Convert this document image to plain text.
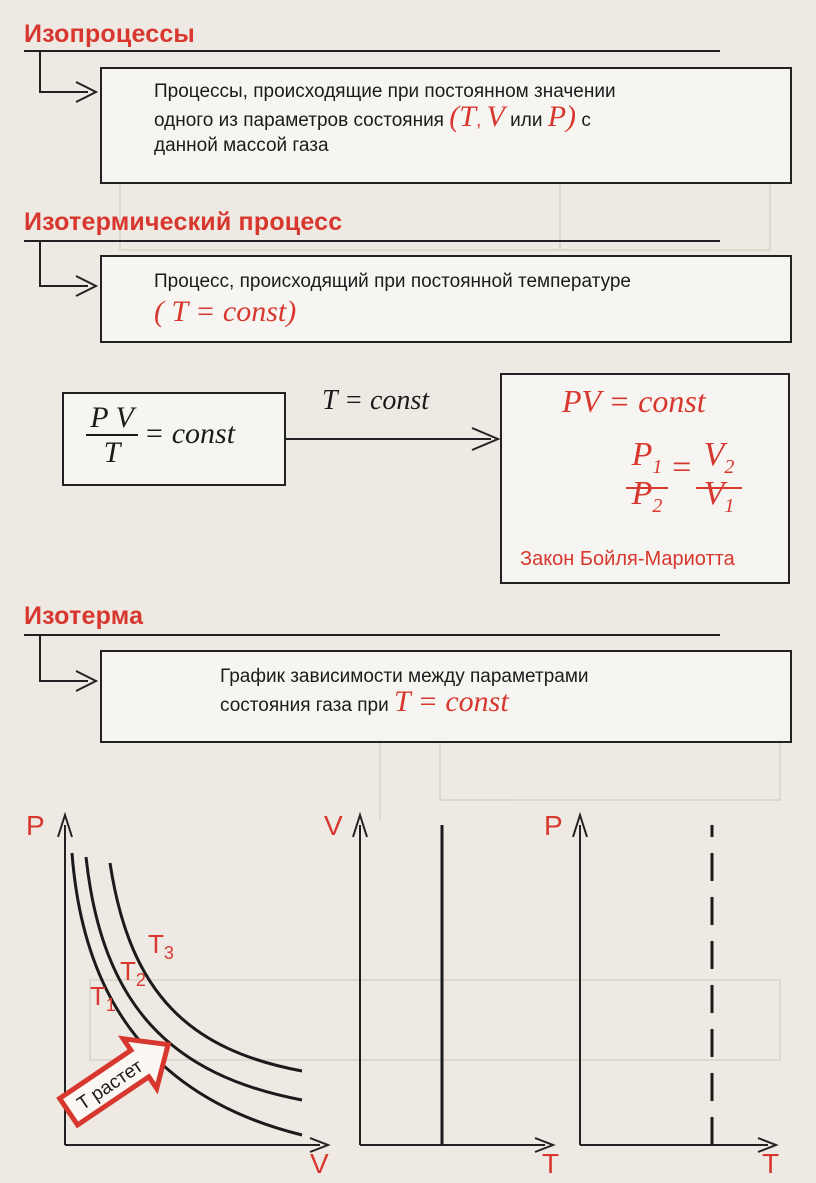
Изопроцессы
Процессы, происходящие при постоянном значении
одного из параметров состояния (T, V или P) с
данной массой газа
Изотермический процесс
Процесс, происходящий при постоянной температуре
( T = const)
P V
T
= const
T = const	PV = const
$P_1$
$P_2$
= $V_2$
$V_1$
Закон Бойля-Мариотта
Изотерма
График зависимости между параметрами
состояния газа при T = const
P
V
$T_1$
$T_2$
$T_3$
T растет
V
T
P
T
